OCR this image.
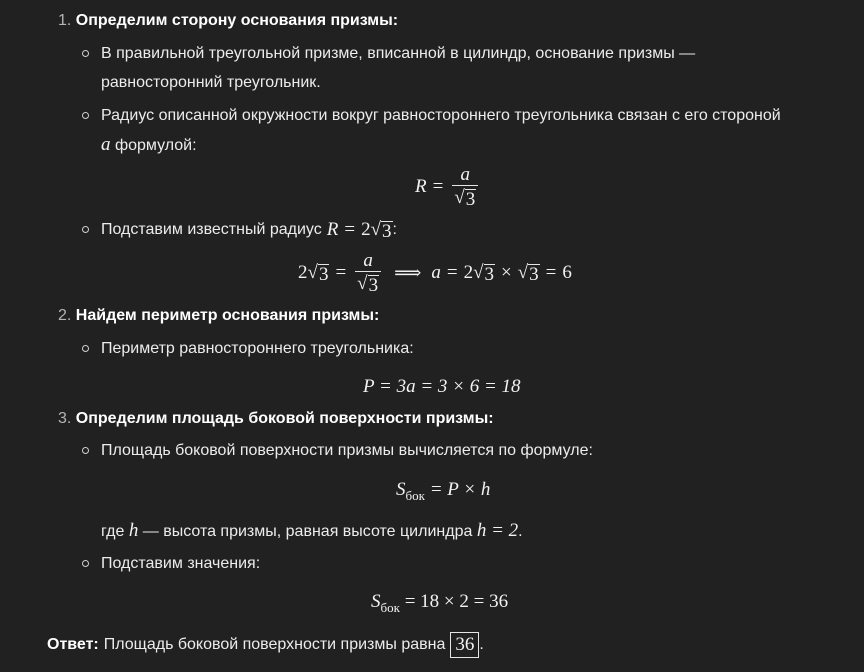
1. Определим сторону основания призмы:
В правильной треугольной призме, вписанной в цилиндр, основание призмы —
равносторонний треугольник.
Радиус описанной окружности вокруг равностороннего треугольника связан с его стороной
a формулой:
$R = \frac{a}{√ 3}$
Подставим известный радиус R = 2 √ 3 :
2 √ $3 = \frac{a}{√ 3}$ ⟹ a = 2 √ 3 × √ 3 = 6
2. Найдем периметр основания призмы:
Периметр равностороннего треугольника:
P = 3a = 3 × 6 = 18
3. Определим площадь боковой поверхности призмы:
Площадь боковой поверхности призмы вычисляется по формуле:
$S_{бок} = P \times h$
где h — высота призмы, равная высоте цилиндра h = 2.
Подставим значения:
$S_{бок} = 18 \times 2 = 36$
Ответ: Площадь боковой поверхности призмы равна 36 .
